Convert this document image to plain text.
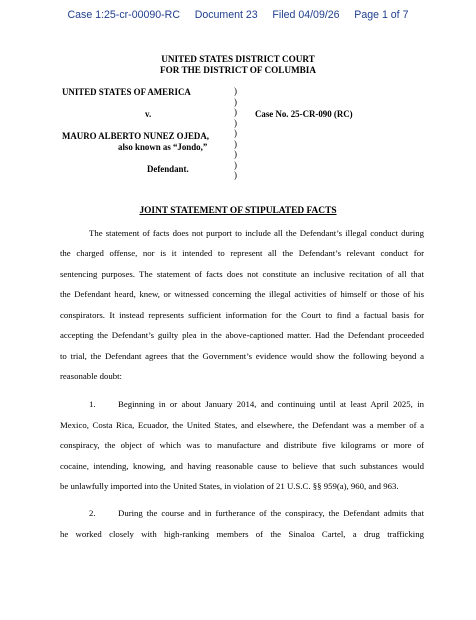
Case 1:25-cr-00090-RC     Document 23     Filed 04/09/26     Page 1 of 7
UNITED STATES DISTRICT COURT
FOR THE DISTRICT OF COLUMBIA
UNITED STATES OF AMERICA
v.
MAURO ALBERTO NUNEZ OJEDA,
also known as “Jondo,”
Defendant.
)
)
)
)
)
)
)
)
)
Case No. 25-CR-090 (RC)
JOINT STATEMENT OF STIPULATED FACTS
The statement of facts does not purport to include all the Defendant’s illegal conduct during
the charged offense, nor is it intended to represent all the Defendant’s relevant conduct for
sentencing purposes. The statement of facts does not constitute an inclusive recitation of all that
the Defendant heard, knew, or witnessed concerning the illegal activities of himself or those of his
conspirators. It instead represents sufficient information for the Court to find a factual basis for
accepting the Defendant’s guilty plea in the above-captioned matter. Had the Defendant proceeded
to trial, the Defendant agrees that the Government’s evidence would show the following beyond a
reasonable doubt:
1.	Beginning in or about January 2014, and continuing until at least April 2025, in
Mexico, Costa Rica, Ecuador, the United States, and elsewhere, the Defendant was a member of a
conspiracy, the object of which was to manufacture and distribute five kilograms or more of
cocaine, intending, knowing, and having reasonable cause to believe that such substances would
be unlawfully imported into the United States, in violation of 21 U.S.C. §§ 959(a), 960, and 963.
2.	During the course and in furtherance of the conspiracy, the Defendant admits that
he worked closely with high-ranking members of the Sinaloa Cartel, a drug trafficking
